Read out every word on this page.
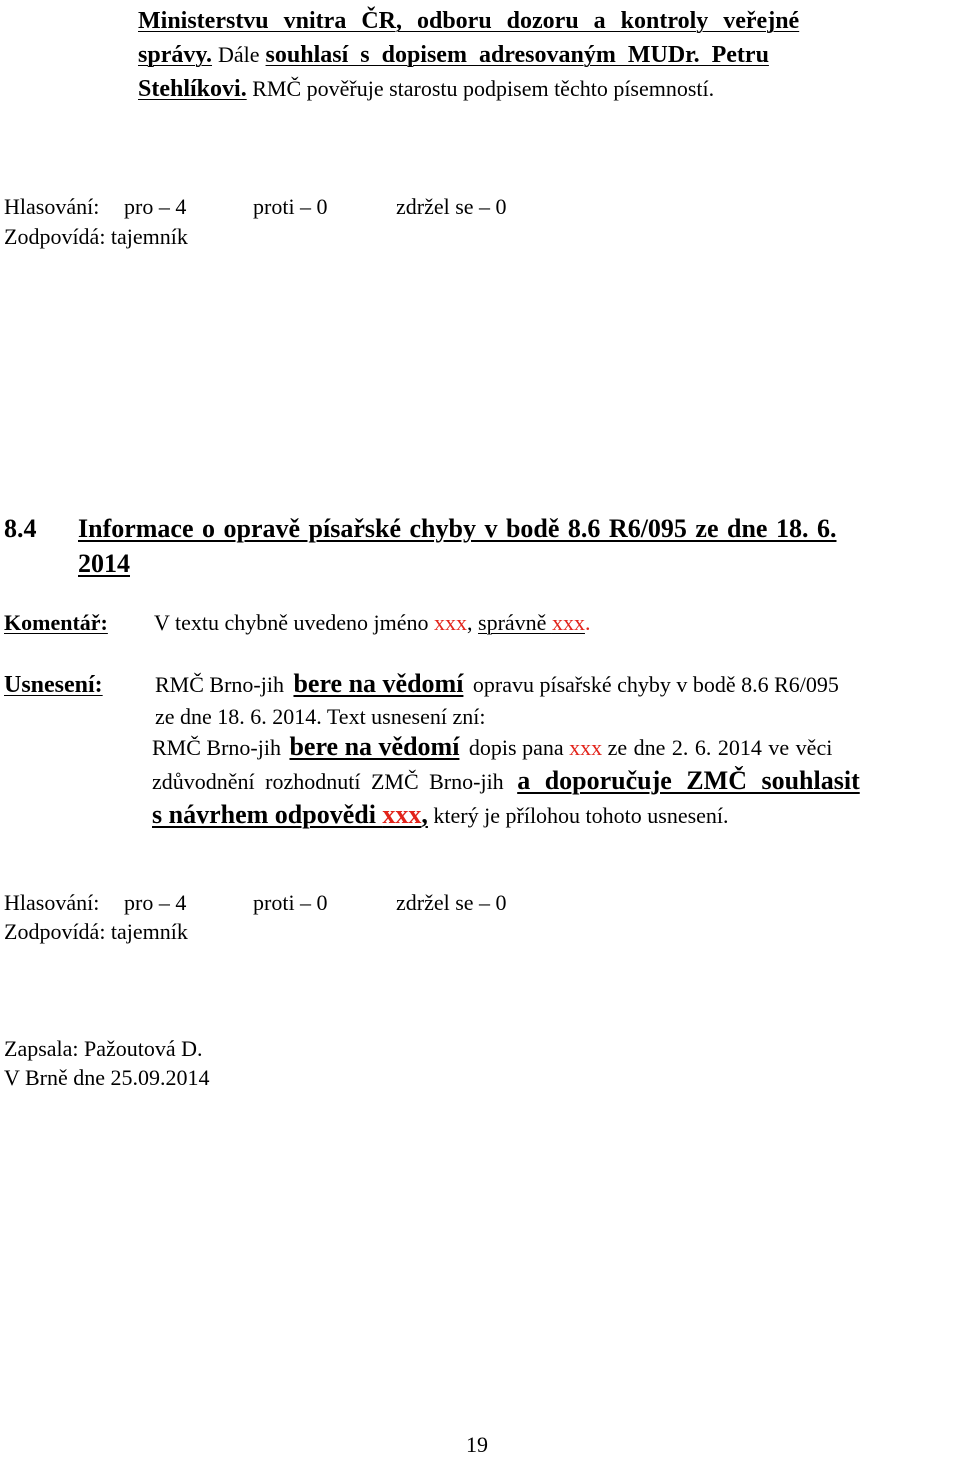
Ministerstvu vnitra ČR, odboru dozoru a kontroly veřejné
správy. Dále souhlasí s dopisem adresovaným MUDr. Petru
Stehlíkovi. RMČ pověřuje starostu podpisem těchto písemností.
Hlasování: pro – 4	proti – 0	zdržel se – 0
Zodpovídá: tajemník
8.4 Informace o opravě písařské chyby v bodě 8.6 R6/095 ze dne 18. 6.
2014
Komentář: V textu chybně uvedeno jméno xxx, správně xxx.
Usnesení: RMČ Brno-jih bere na vědomí opravu písařské chyby v bodě 8.6 R6/095
ze dne 18. 6. 2014. Text usnesení zní:
RMČ Brno-jih bere na vědomí dopis pana xxx ze dne 2. 6. 2014 ve věci
zdůvodnění rozhodnutí ZMČ Brno-jih a doporučuje ZMČ souhlasit
s návrhem odpovědi xxx, který je přílohou tohoto usnesení.
Hlasování: pro – 4	proti – 0	zdržel se – 0
Zodpovídá: tajemník
Zapsala: Pažoutová D.
V Brně dne 25.09.2014
19
